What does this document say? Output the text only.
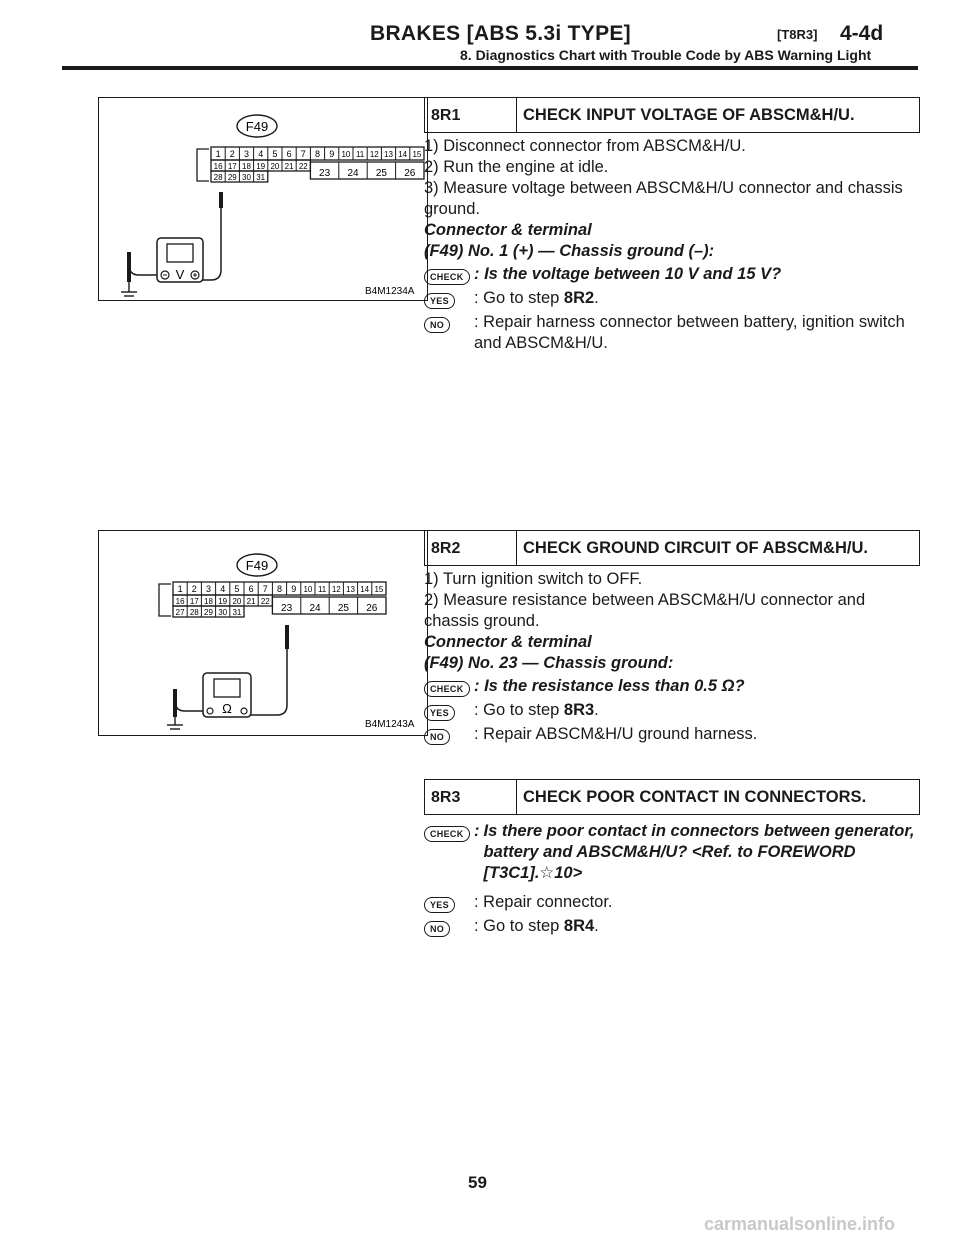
BRAKES [ABS 5.3i TYPE]	[T8R3] 4-4d
8. Diagnostics Chart with Trouble Code by ABS Warning Light
F49
1 2 3 4 5 6 7 8 9 10 11 12 13 14 15
16 17 18 19 20 21 22
23 24 25 26
28 29 30 31
V
B4M1234A
F49
1 2 3 4 5 6 7 8 9 10 11 12 13 14 15
16 17 18 19 20 21 22
23 24 25 26
27 28 29 30 31
Ω
B4M1243A
8R1	CHECK INPUT VOLTAGE OF ABSCM&H/U.

1) Disconnect connector from ABSCM&H/U.

2) Run the engine at idle.

3) Measure voltage between ABSCM&H/U connector and chassis ground.

Connector & terminal

(F49) No. 1 (+) — Chassis ground (–):

CHECK : Is the voltage between 10 V and 15 V?
YES	: Go to step 8R2.
NO	: Repair harness connector between battery, ignition switch and ABSCM&H/U.
8R2	CHECK GROUND CIRCUIT OF ABSCM&H/U.

1) Turn ignition switch to OFF.

2) Measure resistance between ABSCM&H/U connector and chassis ground.

Connector & terminal

(F49) No. 23 — Chassis ground:

CHECK : Is the resistance less than 0.5 Ω?
YES	: Go to step 8R3.
NO	: Repair ABSCM&H/U ground harness.
8R3	CHECK POOR CONTACT IN CONNECTORS.
CHECK : Is there poor contact in connectors between generator, battery and ABSCM&H/U? <Ref. to FOREWORD [T3C1].☆10>
YES	: Repair connector.
NO	: Go to step 8R4.
59
carmanualsonline.info
